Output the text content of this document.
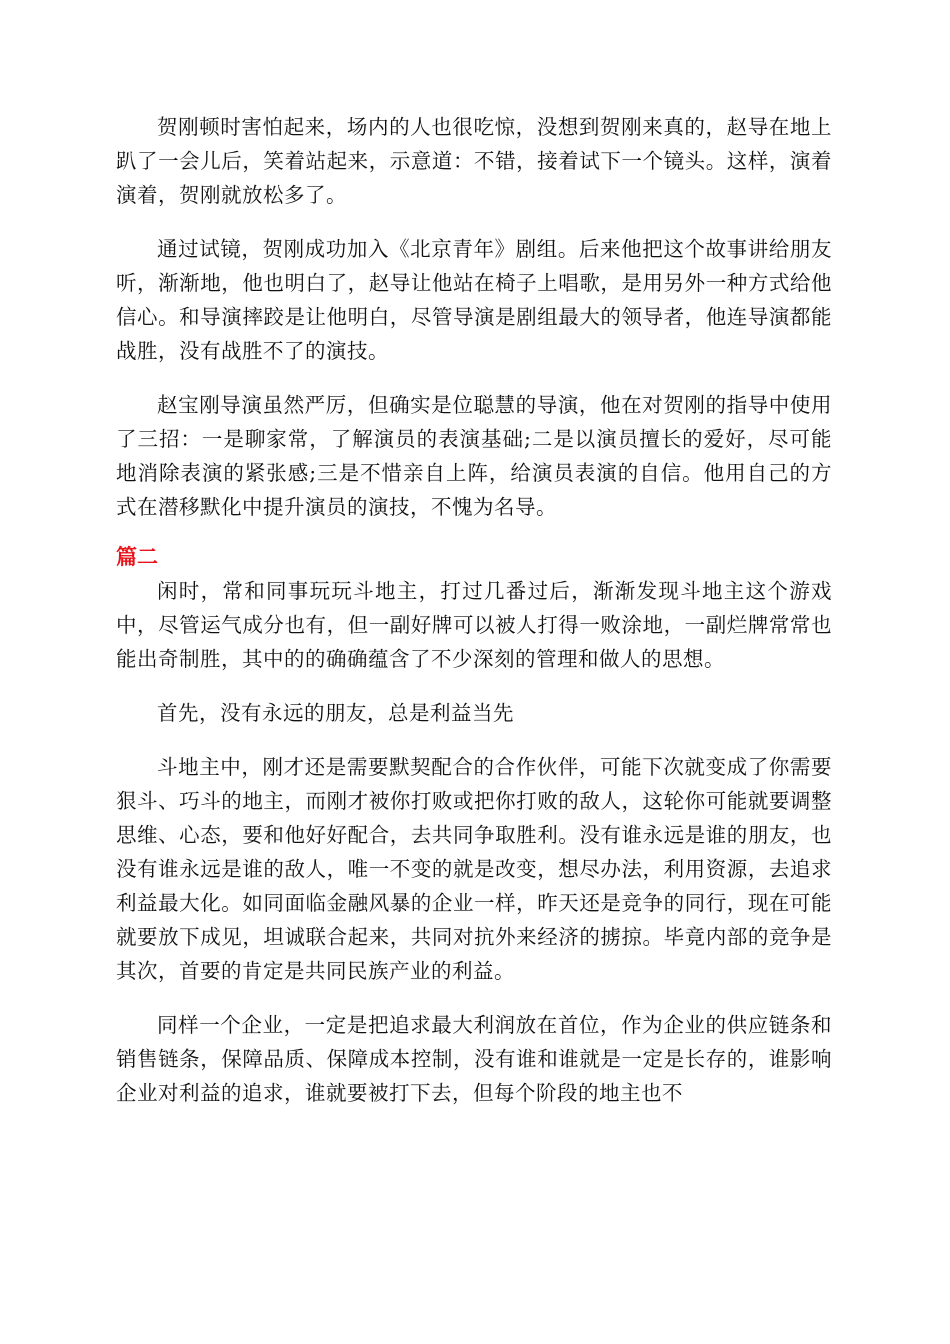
贺刚顿时害怕起来，场内的人也很吃惊，没想到贺刚来真的，赵导在地上趴了一会儿后，笑着站起来，示意道：不错，接着试下一个镜头。这样，演着演着，贺刚就放松多了。

通过试镜，贺刚成功加入《北京青年》剧组。后来他把这个故事讲给朋友听，渐渐地，他也明白了，赵导让他站在椅子上唱歌，是用另外一种方式给他信心。和导演摔跤是让他明白，尽管导演是剧组最大的领导者，他连导演都能战胜，没有战胜不了的演技。

赵宝刚导演虽然严厉，但确实是位聪慧的导演，他在对贺刚的指导中使用了三招：一是聊家常，了解演员的表演基础;二是以演员擅长的爱好，尽可能地消除表演的紧张感;三是不惜亲自上阵，给演员表演的自信。他用自己的方式在潜移默化中提升演员的演技，不愧为名导。

篇二

闲时，常和同事玩玩斗地主，打过几番过后，渐渐发现斗地主这个游戏中，尽管运气成分也有，但一副好牌可以被人打得一败涂地，一副烂牌常常也能出奇制胜，其中的的确确蕴含了不少深刻的管理和做人的思想。

首先，没有永远的朋友，总是利益当先

斗地主中，刚才还是需要默契配合的合作伙伴，可能下次就变成了你需要狠斗、巧斗的地主，而刚才被你打败或把你打败的敌人，这轮你可能就要调整思维、心态，要和他好好配合，去共同争取胜利。没有谁永远是谁的朋友，也没有谁永远是谁的敌人，唯一不变的就是改变，想尽办法，利用资源，去追求利益最大化。如同面临金融风暴的企业一样，昨天还是竞争的同行，现在可能就要放下成见，坦诚联合起来，共同对抗外来经济的掳掠。毕竟内部的竞争是其次，首要的肯定是共同民族产业的利益。

同样一个企业，一定是把追求最大利润放在首位，作为企业的供应链条和销售链条，保障品质、保障成本控制，没有谁和谁就是一定是长存的，谁影响企业对利益的追求，谁就要被打下去，但每个阶段的地主也不
